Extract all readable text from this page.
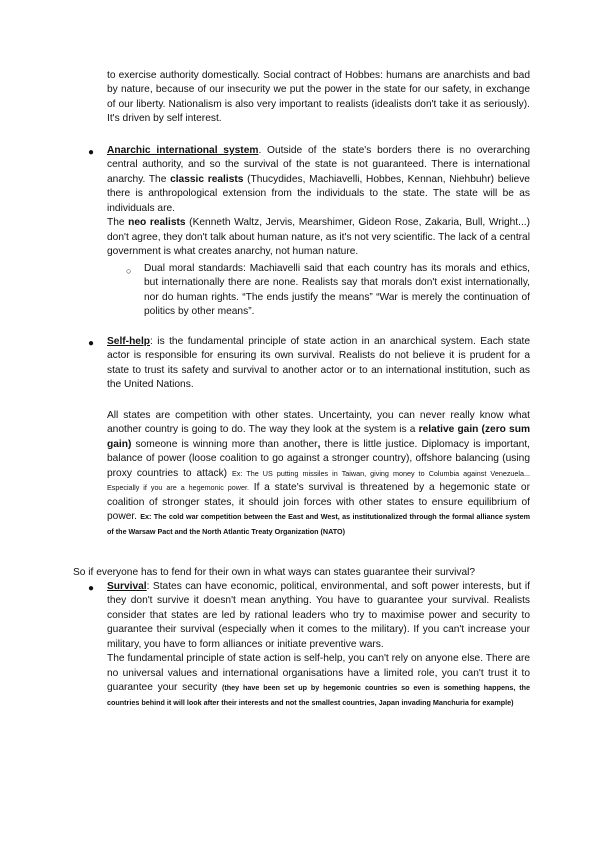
to exercise authority domestically. Social contract of Hobbes: humans are anarchists and bad by nature, because of our insecurity we put the power in the state for our safety, in exchange of our liberty. Nationalism is also very important to realists (idealists don't take it as seriously). It's driven by self interest.

● Anarchic international system. Outside of the state's borders there is no overarching central authority, and so the survival of the state is not guaranteed. There is international anarchy. The classic realists (Thucydides, Machiavelli, Hobbes, Kennan, Niehbuhr) believe there is anthropological extension from the individuals to the state. The state will be as individuals are.
The neo realists (Kenneth Waltz, Jervis, Mearshimer, Gideon Rose, Zakaria, Bull, Wright...) don't agree, they don't talk about human nature, as it's not very scientific. The lack of a central government is what creates anarchy, not human nature.

○ Dual moral standards: Machiavelli said that each country has its morals and ethics, but internationally there are none. Realists say that morals don't exist internationally, nor do human rights. “The ends justify the means” “War is merely the continuation of politics by other means”.

● Self-help: is the fundamental principle of state action in an anarchical system. Each state actor is responsible for ensuring its own survival. Realists do not believe it is prudent for a state to trust its safety and survival to another actor or to an international institution, such as the United Nations.

All states are competition with other states. Uncertainty, you can never really know what another country is going to do. The way they look at the system is a relative gain (zero sum gain) someone is winning more than another, there is little justice. Diplomacy is important, balance of power (loose coalition to go against a stronger country), offshore balancing (using proxy countries to attack) Ex: The US putting missiles in Taiwan, giving money to Columbia against Venezuela... Especially if you are a hegemonic power. If a state's survival is threatened by a hegemonic state or coalition of stronger states, it should join forces with other states to ensure equilibrium of power. Ex: The cold war competition between the East and West, as institutionalized through the formal alliance system of the Warsaw Pact and the North Atlantic Treaty Organization (NATO)

So if everyone has to fend for their own in what ways can states guarantee their survival?

● Survival: States can have economic, political, environmental, and soft power interests, but if they don't survive it doesn't mean anything. You have to guarantee your survival. Realists consider that states are led by rational leaders who try to maximise power and security to guarantee their survival (especially when it comes to the military). If you can't increase your military, you have to form alliances or initiate preventive wars.
The fundamental principle of state action is self-help, you can't rely on anyone else. There are no universal values and international organisations have a limited role, you can't trust it to guarantee your security (they have been set up by hegemonic countries so even is something happens, the countries behind it will look after their interests and not the smallest countries, Japan invading Manchuria for example)
